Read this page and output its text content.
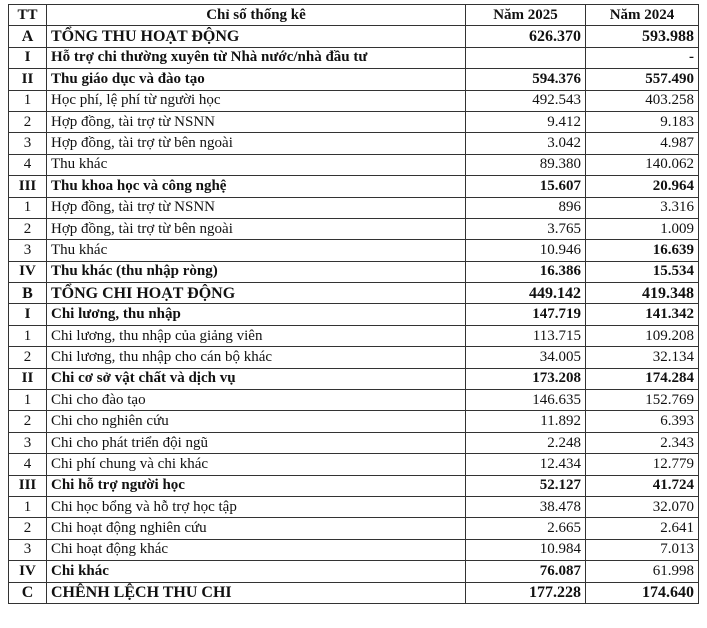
TT	Chỉ số thống kê	Năm 2025	Năm 2024
A	TỔNG THU HOẠT ĐỘNG	626.370	593.988
I	Hỗ trợ chi thường xuyên từ Nhà nước/nhà đầu tư		-
II	Thu giáo dục và đào tạo	594.376	557.490
1	Học phí, lệ phí từ người học	492.543	403.258
2	Hợp đồng, tài trợ từ NSNN	9.412	9.183
3	Hợp đồng, tài trợ từ bên ngoài	3.042	4.987
4	Thu khác	89.380	140.062
III	Thu khoa học và công nghệ	15.607	20.964
1	Hợp đồng, tài trợ từ NSNN	896	3.316
2	Hợp đồng, tài trợ từ bên ngoài	3.765	1.009
3	Thu khác	10.946	16.639
IV	Thu khác (thu nhập ròng)	16.386	15.534
B	TỔNG CHI HOẠT ĐỘNG	449.142	419.348
I	Chi lương, thu nhập	147.719	141.342
1	Chi lương, thu nhập của giảng viên	113.715	109.208
2	Chi lương, thu nhập cho cán bộ khác	34.005	32.134
II	Chi cơ sở vật chất và dịch vụ	173.208	174.284
1	Chi cho đào tạo	146.635	152.769
2	Chi cho nghiên cứu	11.892	6.393
3	Chi cho phát triển đội ngũ	2.248	2.343
4	Chi phí chung và chi khác	12.434	12.779
III	Chi hỗ trợ người học	52.127	41.724
1	Chi học bổng và hỗ trợ học tập	38.478	32.070
2	Chi hoạt động nghiên cứu	2.665	2.641
3	Chi hoạt động khác	10.984	7.013
IV	Chi khác	76.087	61.998
C	CHÊNH LỆCH THU CHI	177.228	174.640
